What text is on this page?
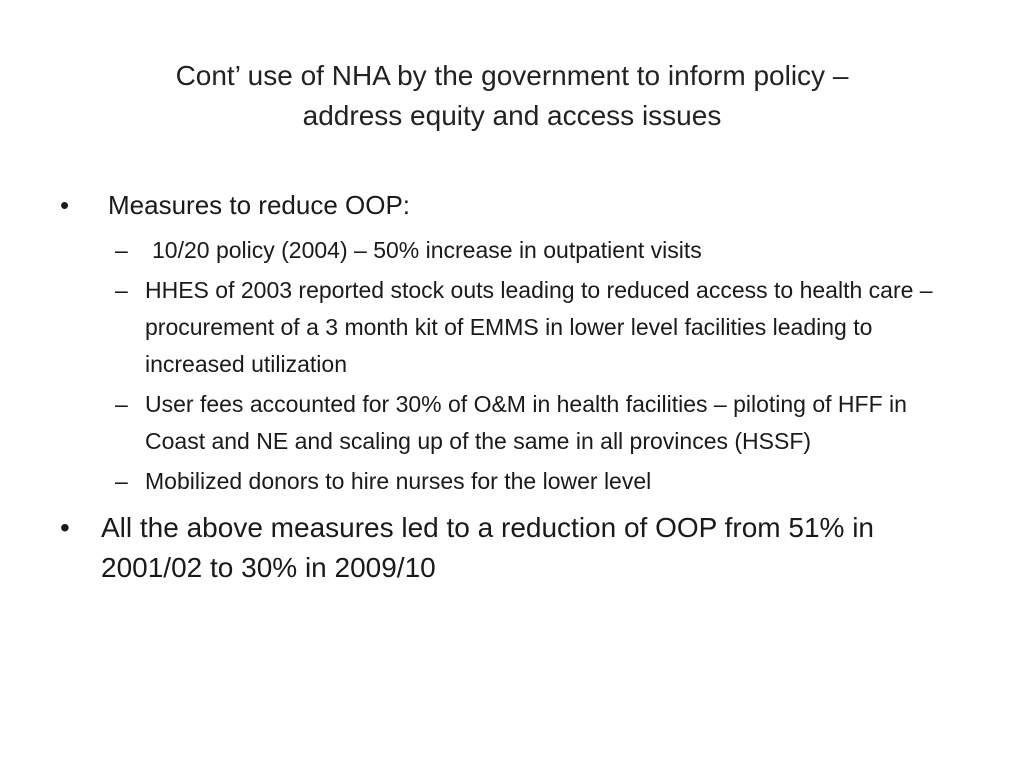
Cont’ use of NHA by the government to inform policy –
address equity and access issues
• Measures to reduce OOP:
– 10/20 policy (2004) – 50% increase in outpatient visits
– HHES of 2003 reported stock outs leading to reduced access to health care – procurement of a 3 month kit of EMMS in lower level facilities leading to increased utilization
– User fees accounted for 30% of O&M in health facilities – piloting of HFF in Coast and NE and scaling up of the same in all provinces (HSSF)
– Mobilized donors to hire nurses for the lower level
• All the above measures led to a reduction of OOP from 51% in 2001/02 to 30% in 2009/10
